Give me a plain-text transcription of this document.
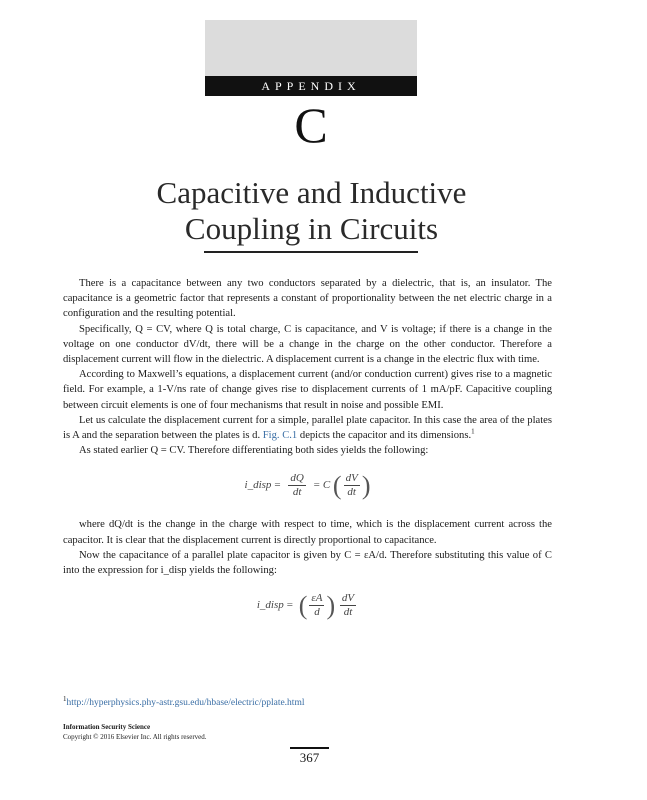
APPENDIX
C
Capacitive and Inductive
Coupling in Circuits

There is a capacitance between any two conductors separated by a dielectric, that is, an insulator. The capacitance is a geometric factor that represents a constant of proportionality between the net electric charge in a configuration and the resulting potential.

Specifically, Q = CV, where Q is total charge, C is capacitance, and V is voltage; if there is a change in the voltage on one conductor dV/dt, there will be a change in the charge on the other conductor. Therefore a displacement current will flow in the dielectric. A displacement current is a change in the electric flux with time.

According to Maxwell’s equations, a displacement current (and/or conduction current) gives rise to a magnetic field. For example, a 1-V/ns rate of change gives rise to displacement currents of 1 mA/pF. Capacitive coupling between circuit elements is one of four mechanisms that result in noise and possible EMI.

Let us calculate the displacement current for a simple, parallel plate capacitor. In this case the area of the plates is A and the separation between the plates is d. Fig. C.1 depicts the capacitor and its dimensions.$^1$

As stated earlier Q = CV. Therefore differentiating both sides yields the following:

i_disp = $\frac{dQ}{dt} = C$ ( $\frac{dV}{dt}$ )

where dQ/dt is the change in the charge with respect to time, which is the displacement current across the capacitor. It is clear that the displacement current is directly proportional to capacitance.

Now the capacitance of a parallel plate capacitor is given by C = εA/d. Therefore substituting this value of C into the expression for i_disp yields the following:

i_disp = ( $\frac{\varepsilon A}{d}$ ) $\frac{dV}{dt}$
$^1$http://hyperphysics.phy-astr.gsu.edu/hbase/electric/pplate.html
Information Security Science
Copyright © 2016 Elsevier Inc. All rights reserved.
367
